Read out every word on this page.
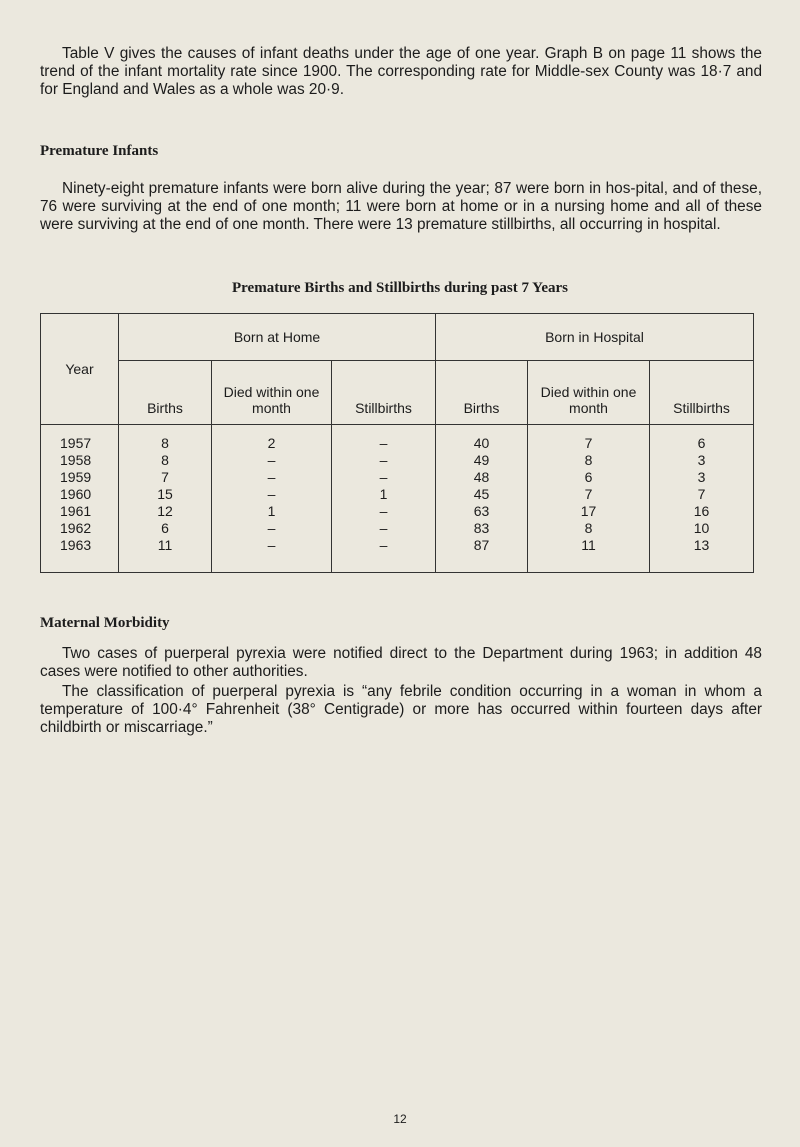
Table V gives the causes of infant deaths under the age of one year. Graph B on page 11 shows the trend of the infant mortality rate since 1900. The corresponding rate for Middle-sex County was 18·7 and for England and Wales as a whole was 20·9.

Premature Infants

Ninety-eight premature infants were born alive during the year; 87 were born in hos-pital, and of these, 76 were surviving at the end of one month; 11 were born at home or in a nursing home and all of these were surviving at the end of one month. There were 13 premature stillbirths, all occurring in hospital.

Premature Births and Stillbirths during past 7 Years
Year	Born at Home			Born in Hospital		
	Births	Died within one month	Stillbirths	Births	Died within one month	Stillbirths
1957	8	2	–	40	7	6
1958	8	–	–	49	8	3
1959	7	–	–	48	6	3
1960	15	–	1	45	7	7
1961	12	1	–	63	17	16
1962	6	–	–	83	8	10
1963	11	–	–	87	11	13

Maternal Morbidity

Two cases of puerperal pyrexia were notified direct to the Department during 1963; in addition 48 cases were notified to other authorities.

The classification of puerperal pyrexia is “any febrile condition occurring in a woman in whom a temperature of 100·4° Fahrenheit (38° Centigrade) or more has occurred within fourteen days after childbirth or miscarriage.”

12
